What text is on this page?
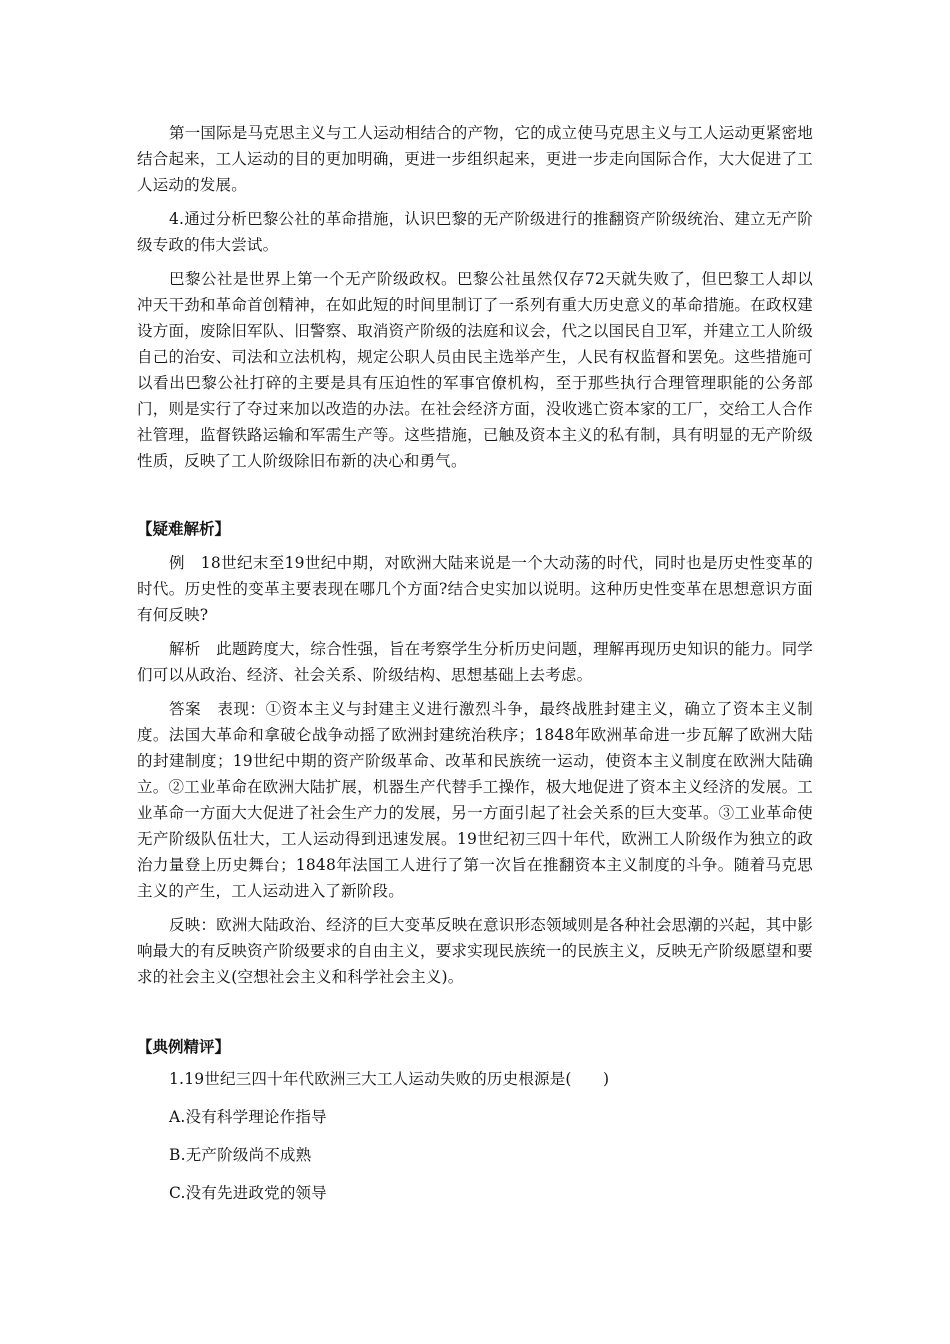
第一国际是马克思主义与工人运动相结合的产物，它的成立使马克思主义与工人运动更紧密地结合起来，工人运动的目的更加明确，更进一步组织起来，更进一步走向国际合作，大大促进了工人运动的发展。

4.通过分析巴黎公社的革命措施，认识巴黎的无产阶级进行的推翻资产阶级统治、建立无产阶级专政的伟大尝试。

巴黎公社是世界上第一个无产阶级政权。巴黎公社虽然仅存72天就失败了，但巴黎工人却以冲天干劲和革命首创精神，在如此短的时间里制订了一系列有重大历史意义的革命措施。在政权建设方面，废除旧军队、旧警察、取消资产阶级的法庭和议会，代之以国民自卫军，并建立工人阶级自己的治安、司法和立法机构，规定公职人员由民主选举产生，人民有权监督和罢免。这些措施可以看出巴黎公社打碎的主要是具有压迫性的军事官僚机构，至于那些执行合理管理职能的公务部门，则是实行了夺过来加以改造的办法。在社会经济方面，没收逃亡资本家的工厂，交给工人合作社管理，监督铁路运输和军需生产等。这些措施，已触及资本主义的私有制，具有明显的无产阶级性质，反映了工人阶级除旧布新的决心和勇气。

【疑难解析】

例　18世纪末至19世纪中期，对欧洲大陆来说是一个大动荡的时代，同时也是历史性变革的时代。历史性的变革主要表现在哪几个方面?结合史实加以说明。这种历史性变革在思想意识方面有何反映?

解析　此题跨度大，综合性强，旨在考察学生分析历史问题，理解再现历史知识的能力。同学们可以从政治、经济、社会关系、阶级结构、思想基础上去考虑。

答案　表现：①资本主义与封建主义进行激烈斗争，最终战胜封建主义，确立了资本主义制度。法国大革命和拿破仑战争动摇了欧洲封建统治秩序；1848年欧洲革命进一步瓦解了欧洲大陆的封建制度；19世纪中期的资产阶级革命、改革和民族统一运动，使资本主义制度在欧洲大陆确立。②工业革命在欧洲大陆扩展，机器生产代替手工操作，极大地促进了资本主义经济的发展。工业革命一方面大大促进了社会生产力的发展，另一方面引起了社会关系的巨大变革。③工业革命使无产阶级队伍壮大，工人运动得到迅速发展。19世纪初三四十年代，欧洲工人阶级作为独立的政治力量登上历史舞台；1848年法国工人进行了第一次旨在推翻资本主义制度的斗争。随着马克思主义的产生，工人运动进入了新阶段。

反映：欧洲大陆政治、经济的巨大变革反映在意识形态领域则是各种社会思潮的兴起，其中影响最大的有反映资产阶级要求的自由主义，要求实现民族统一的民族主义，反映无产阶级愿望和要求的社会主义(空想社会主义和科学社会主义)。

【典例精评】

1.19世纪三四十年代欧洲三大工人运动失败的历史根源是(　　)

A.没有科学理论作指导

B.无产阶级尚不成熟

C.没有先进政党的领导
